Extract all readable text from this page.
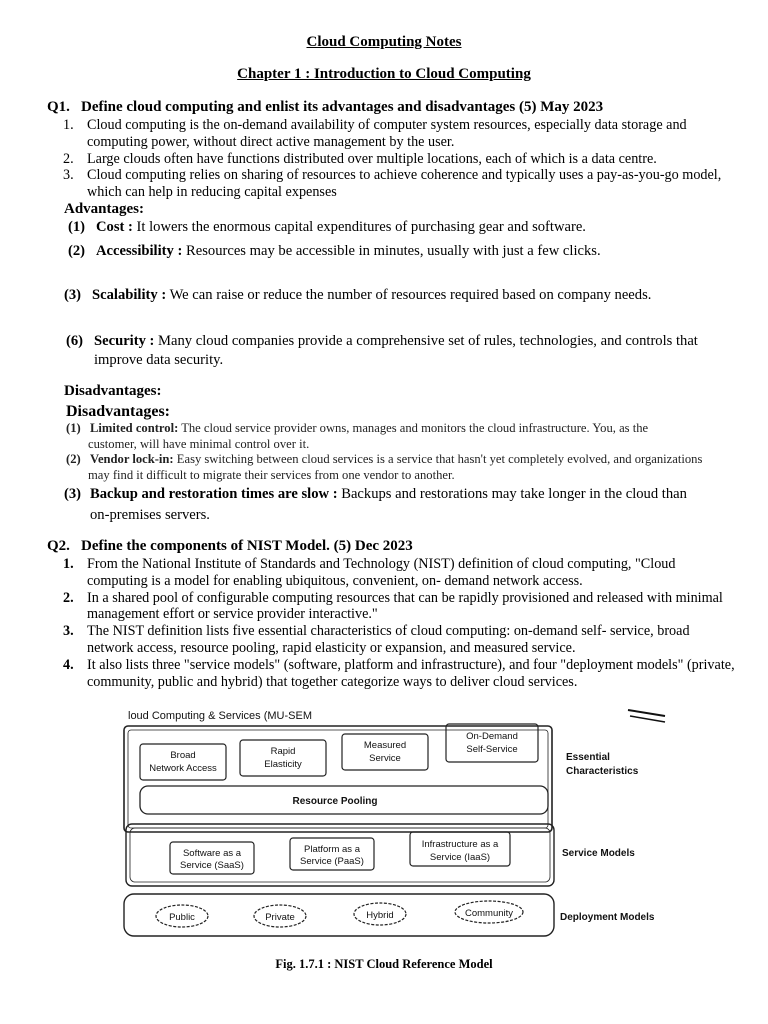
Cloud Computing Notes
Chapter 1 : Introduction to Cloud Computing
Q1. Define cloud computing and enlist its advantages and disadvantages (5) May 2023
1. Cloud computing is the on-demand availability of computer system resources, especially data storage and computing power, without direct active management by the user.
2. Large clouds often have functions distributed over multiple locations, each of which is a data centre.
3. Cloud computing relies on sharing of resources to achieve coherence and typically uses a pay-as-you-go model, which can help in reducing capital expenses
Advantages:
(1) Cost : It lowers the enormous capital expenditures of purchasing gear and software.
(2) Accessibility : Resources may be accessible in minutes, usually with just a few clicks.
(3) Scalability : We can raise or reduce the number of resources required based on company needs.
(6) Security : Many cloud companies provide a comprehensive set of rules, technologies, and controls that improve data security.
Disadvantages:
Disadvantages:
(1) Limited control: The cloud service provider owns, manages and monitors the cloud infrastructure. You, as the customer, will have minimal control over it.
(2) Vendor lock-in: Easy switching between cloud services is a service that hasn't yet completely evolved, and organizations may find it difficult to migrate their services from one vendor to another.
(3) Backup and restoration times are slow : Backups and restorations may take longer in the cloud than on-premises servers.
Q2. Define the components of NIST Model. (5) Dec 2023
1. From the National Institute of Standards and Technology (NIST) definition of cloud computing, "Cloud computing is a model for enabling ubiquitous, convenient, on- demand network access.
2. In a shared pool of configurable computing resources that can be rapidly provisioned and released with minimal management effort or service provider interactive."
3. The NIST definition lists five essential characteristics of cloud computing: on-demand self- service, broad network access, resource pooling, rapid elasticity or expansion, and measured service.
4. It also lists three "service models" (software, platform and infrastructure), and four "deployment models" (private, community, public and hybrid) that together categorize ways to deliver cloud services.
loud Computing & Services (MU-SEM
Broad
Network Access
Rapid
Elasticity
Measured
Service
On-Demand
Self-Service
Resource Pooling
Essential
Characteristics
Software as a
Service (SaaS)
Platform as a
Service (PaaS)
Infrastructure as a
Service (IaaS)	Service Models
Public	Private	Hybrid	Community	Deployment Models
Fig. 1.7.1 : NIST Cloud Reference Model
